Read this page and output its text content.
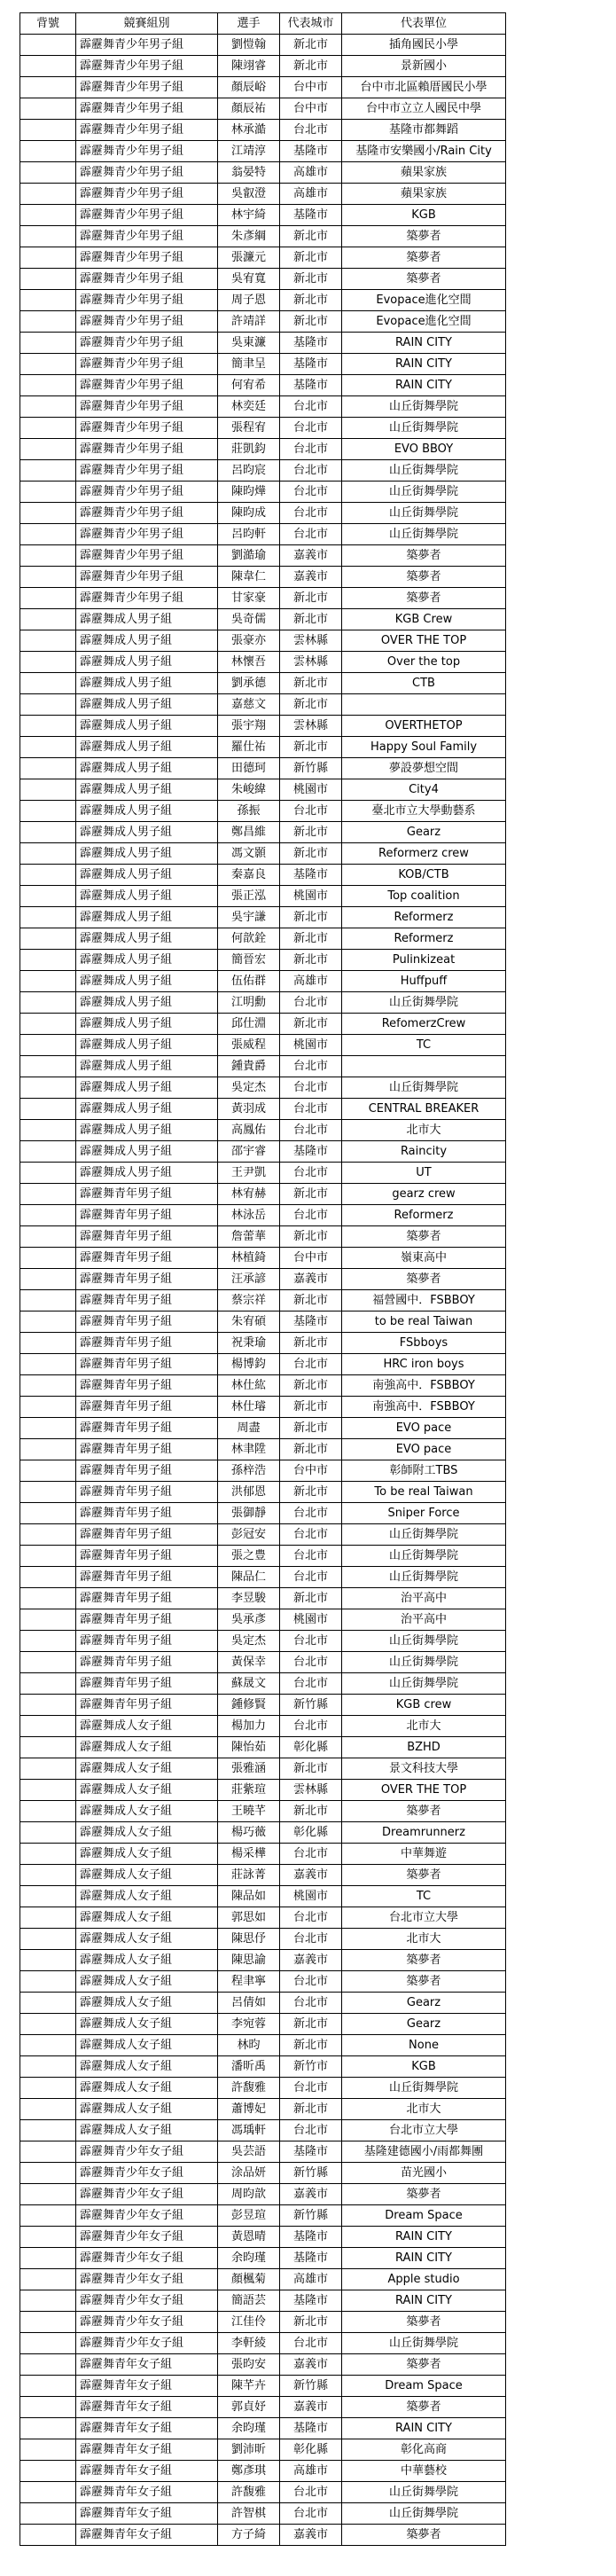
背號	競賽組別	選手	代表城市	代表單位
	霹靂舞青少年男子組	劉愷翰	新北市	插角國民小學
	霹靂舞青少年男子組	陳翊睿	新北市	景新國小
	霹靂舞青少年男子組	顏辰峪	台中市	台中市北區賴厝國民小學
	霹靂舞青少年男子組	顏辰祐	台中市	台中市立立人國民中學
	霹靂舞青少年男子組	林承澔	台北市	基隆市都舞蹈
	霹靂舞青少年男子組	江靖淳	基隆市	基隆市安樂國小/Rain City
	霹靂舞青少年男子組	翁晏特	高雄市	蘋果家族
	霹靂舞青少年男子組	吳叡澄	高雄市	蘋果家族
	霹靂舞青少年男子組	林宇綺	基隆市	KGB
	霹靂舞青少年男子組	朱彥綱	新北市	築夢者
	霹靂舞青少年男子組	張濂元	新北市	築夢者
	霹靂舞青少年男子組	吳宥寬	新北市	築夢者
	霹靂舞青少年男子組	周子恩	新北市	Evopace進化空間
	霹靂舞青少年男子組	許靖詳	新北市	Evopace進化空間
	霹靂舞青少年男子組	吳東濂	基隆市	RAIN CITY
	霹靂舞青少年男子組	簡聿呈	基隆市	RAIN CITY
	霹靂舞青少年男子組	何宥希	基隆市	RAIN CITY
	霹靂舞青少年男子組	林奕廷	台北市	山丘街舞學院
	霹靂舞青少年男子組	張程宥	台北市	山丘街舞學院
	霹靂舞青少年男子組	莊凱鈞	台北市	EVO BBOY
	霹靂舞青少年男子組	呂昀宸	台北市	山丘街舞學院
	霹靂舞青少年男子組	陳昀燁	台北市	山丘街舞學院
	霹靂舞青少年男子組	陳昀成	台北市	山丘街舞學院
	霹靂舞青少年男子組	呂昀軒	台北市	山丘街舞學院
	霹靂舞青少年男子組	劉澔瑜	嘉義市	築夢者
	霹靂舞青少年男子組	陳韋仁	嘉義市	築夢者
	霹靂舞青少年男子組	甘家豪	新北市	築夢者
	霹靂舞成人男子組	吳奇儒	新北市	KGB Crew
	霹靂舞成人男子組	張豪亦	雲林縣	OVER THE TOP
	霹靂舞成人男子組	林懷吾	雲林縣	Over the top
	霹靂舞成人男子組	劉承德	新北市	CTB
	霹靂舞成人男子組	嘉慈文	新北市	
	霹靂舞成人男子組	張宇翔	雲林縣	OVERTHETOP
	霹靂舞成人男子組	羅仕祐	新北市	Happy Soul Family
	霹靂舞成人男子組	田德珂	新竹縣	夢設夢想空間
	霹靂舞成人男子組	朱峻緯	桃園市	City4
	霹靂舞成人男子組	孫振	台北市	臺北市立大學動藝系
	霹靂舞成人男子組	鄭昌維	新北市	Gearz
	霹靂舞成人男子組	馮文顥	新北市	Reformerz crew
	霹靂舞成人男子組	秦嘉良	基隆市	KOB/CTB
	霹靂舞成人男子組	張正泓	桃園市	Top coalition
	霹靂舞成人男子組	吳宇謙	新北市	Reformerz
	霹靂舞成人男子組	何歆銓	新北市	Reformerz
	霹靂舞成人男子組	簡晉宏	新北市	Pulinkizeat
	霹靂舞成人男子組	伍佑群	高雄市	Huffpuff
	霹靂舞成人男子組	江明勳	台北市	山丘街舞學院
	霹靂舞成人男子組	邱仕淵	新北市	RefomerzCrew
	霹靂舞成人男子組	張威程	桃園市	TC
	霹靂舞成人男子組	鍾貴爵	台北市	
	霹靂舞成人男子組	吳定杰	台北市	山丘街舞學院
	霹靂舞成人男子組	黃羽成	台北市	CENTRAL BREAKER
	霹靂舞成人男子組	高鳳佑	台北市	北市大
	霹靂舞成人男子組	邵宇睿	基隆市	Raincity
	霹靂舞成人男子組	王尹凱	台北市	UT
	霹靂舞青年男子組	林宥赫	新北市	gearz crew
	霹靂舞青年男子組	林泳岳	台北市	Reformerz
	霹靂舞青年男子組	詹蕾華	新北市	築夢者
	霹靂舞青年男子組	林植錡	台中市	嶺東高中
	霹靂舞青年男子組	汪承諺	嘉義市	築夢者
	霹靂舞青年男子組	蔡宗祥	新北市	福營國中．FSBBOY
	霹靂舞青年男子組	朱宥碩	基隆市	to be real Taiwan
	霹靂舞青年男子組	祝秉瑜	新北市	FSbboys
	霹靂舞青年男子組	楊博鈞	台北市	HRC iron boys
	霹靂舞青年男子組	林仕紘	新北市	南強高中．FSBBOY
	霹靂舞青年男子組	林仕璿	新北市	南強高中．FSBBOY
	霹靂舞青年男子組	周盡	新北市	EVO pace
	霹靂舞青年男子組	林聿陞	新北市	EVO pace
	霹靂舞青年男子組	孫梓浩	台中市	彰師附工TBS
	霹靂舞青年男子組	洪郁恩	新北市	To be real Taiwan
	霹靂舞青年男子組	張御靜	台北市	Sniper Force
	霹靂舞青年男子組	彭冠安	台北市	山丘街舞學院
	霹靂舞青年男子組	張之豊	台北市	山丘街舞學院
	霹靂舞青年男子組	陳品仁	台北市	山丘街舞學院
	霹靂舞青年男子組	李昱駿	新北市	治平高中
	霹靂舞青年男子組	吳承彥	桃園市	治平高中
	霹靂舞青年男子組	吳定杰	台北市	山丘街舞學院
	霹靂舞青年男子組	黃保幸	台北市	山丘街舞學院
	霹靂舞青年男子組	蘇晟文	台北市	山丘街舞學院
	霹靂舞青年男子組	鍾修賢	新竹縣	KGB crew
	霹靂舞成人女子組	楊加力	台北市	北市大
	霹靂舞成人女子組	陳怡茹	彰化縣	BZHD
	霹靂舞成人女子組	張雅涵	新北市	景文科技大學
	霹靂舞成人女子組	莊紫瑄	雲林縣	OVER THE TOP
	霹靂舞成人女子組	王曉芊	新北市	築夢者
	霹靂舞成人女子組	楊巧薇	彰化縣	Dreamrunnerz
	霹靂舞成人女子組	楊采樺	台北市	中華舞遊
	霹靂舞成人女子組	莊詠菁	嘉義市	築夢者
	霹靂舞成人女子組	陳品如	桃園市	TC
	霹靂舞成人女子組	郭思如	台北市	台北市立大學
	霹靂舞成人女子組	陳思伃	台北市	北市大
	霹靂舞成人女子組	陳思諭	嘉義市	築夢者
	霹靂舞成人女子組	程聿寧	台北市	築夢者
	霹靂舞成人女子組	呂倩如	台北市	Gearz
	霹靂舞成人女子組	李宛蓉	新北市	Gearz
	霹靂舞成人女子組	林昀	新北市	None
	霹靂舞成人女子組	潘昕禹	新竹市	KGB
	霹靂舞成人女子組	許馥雅	台北市	山丘街舞學院
	霹靂舞成人女子組	蕭博妃	新北市	北市大
	霹靂舞成人女子組	馮瑀軒	台北市	台北市立大學
	霹靂舞青少年女子組	吳芸語	基隆市	基隆建德國小/雨都舞團
	霹靂舞青少年女子組	涂品妍	新竹縣	苗光國小
	霹靂舞青少年女子組	周昀歆	嘉義市	築夢者
	霹靂舞青少年女子組	彭昱瑄	新竹縣	Dream Space
	霹靂舞青少年女子組	黃恩晴	基隆市	RAIN CITY
	霹靂舞青少年女子組	余昀瑾	基隆市	RAIN CITY
	霹靂舞青少年女子組	顏楓菊	高雄市	Apple studio
	霹靂舞青少年女子組	簡語芸	基隆市	RAIN CITY
	霹靂舞青少年女子組	江佳伶	新北市	築夢者
	霹靂舞青少年女子組	李軒綾	台北市	山丘街舞學院
	霹靂舞青年女子組	張昀安	嘉義市	築夢者
	霹靂舞青年女子組	陳芊卉	新竹縣	Dream Space
	霹靂舞青年女子組	郭貞妤	嘉義市	築夢者
	霹靂舞青年女子組	余昀瑾	基隆市	RAIN CITY
	霹靂舞青年女子組	劉沛昕	彰化縣	彰化高商
	霹靂舞青年女子組	鄭彥琪	高雄市	中華藝校
	霹靂舞青年女子組	許馥雅	台北市	山丘街舞學院
	霹靂舞青年女子組	許智棋	台北市	山丘街舞學院
	霹靂舞青年女子組	方子綺	嘉義市	築夢者
